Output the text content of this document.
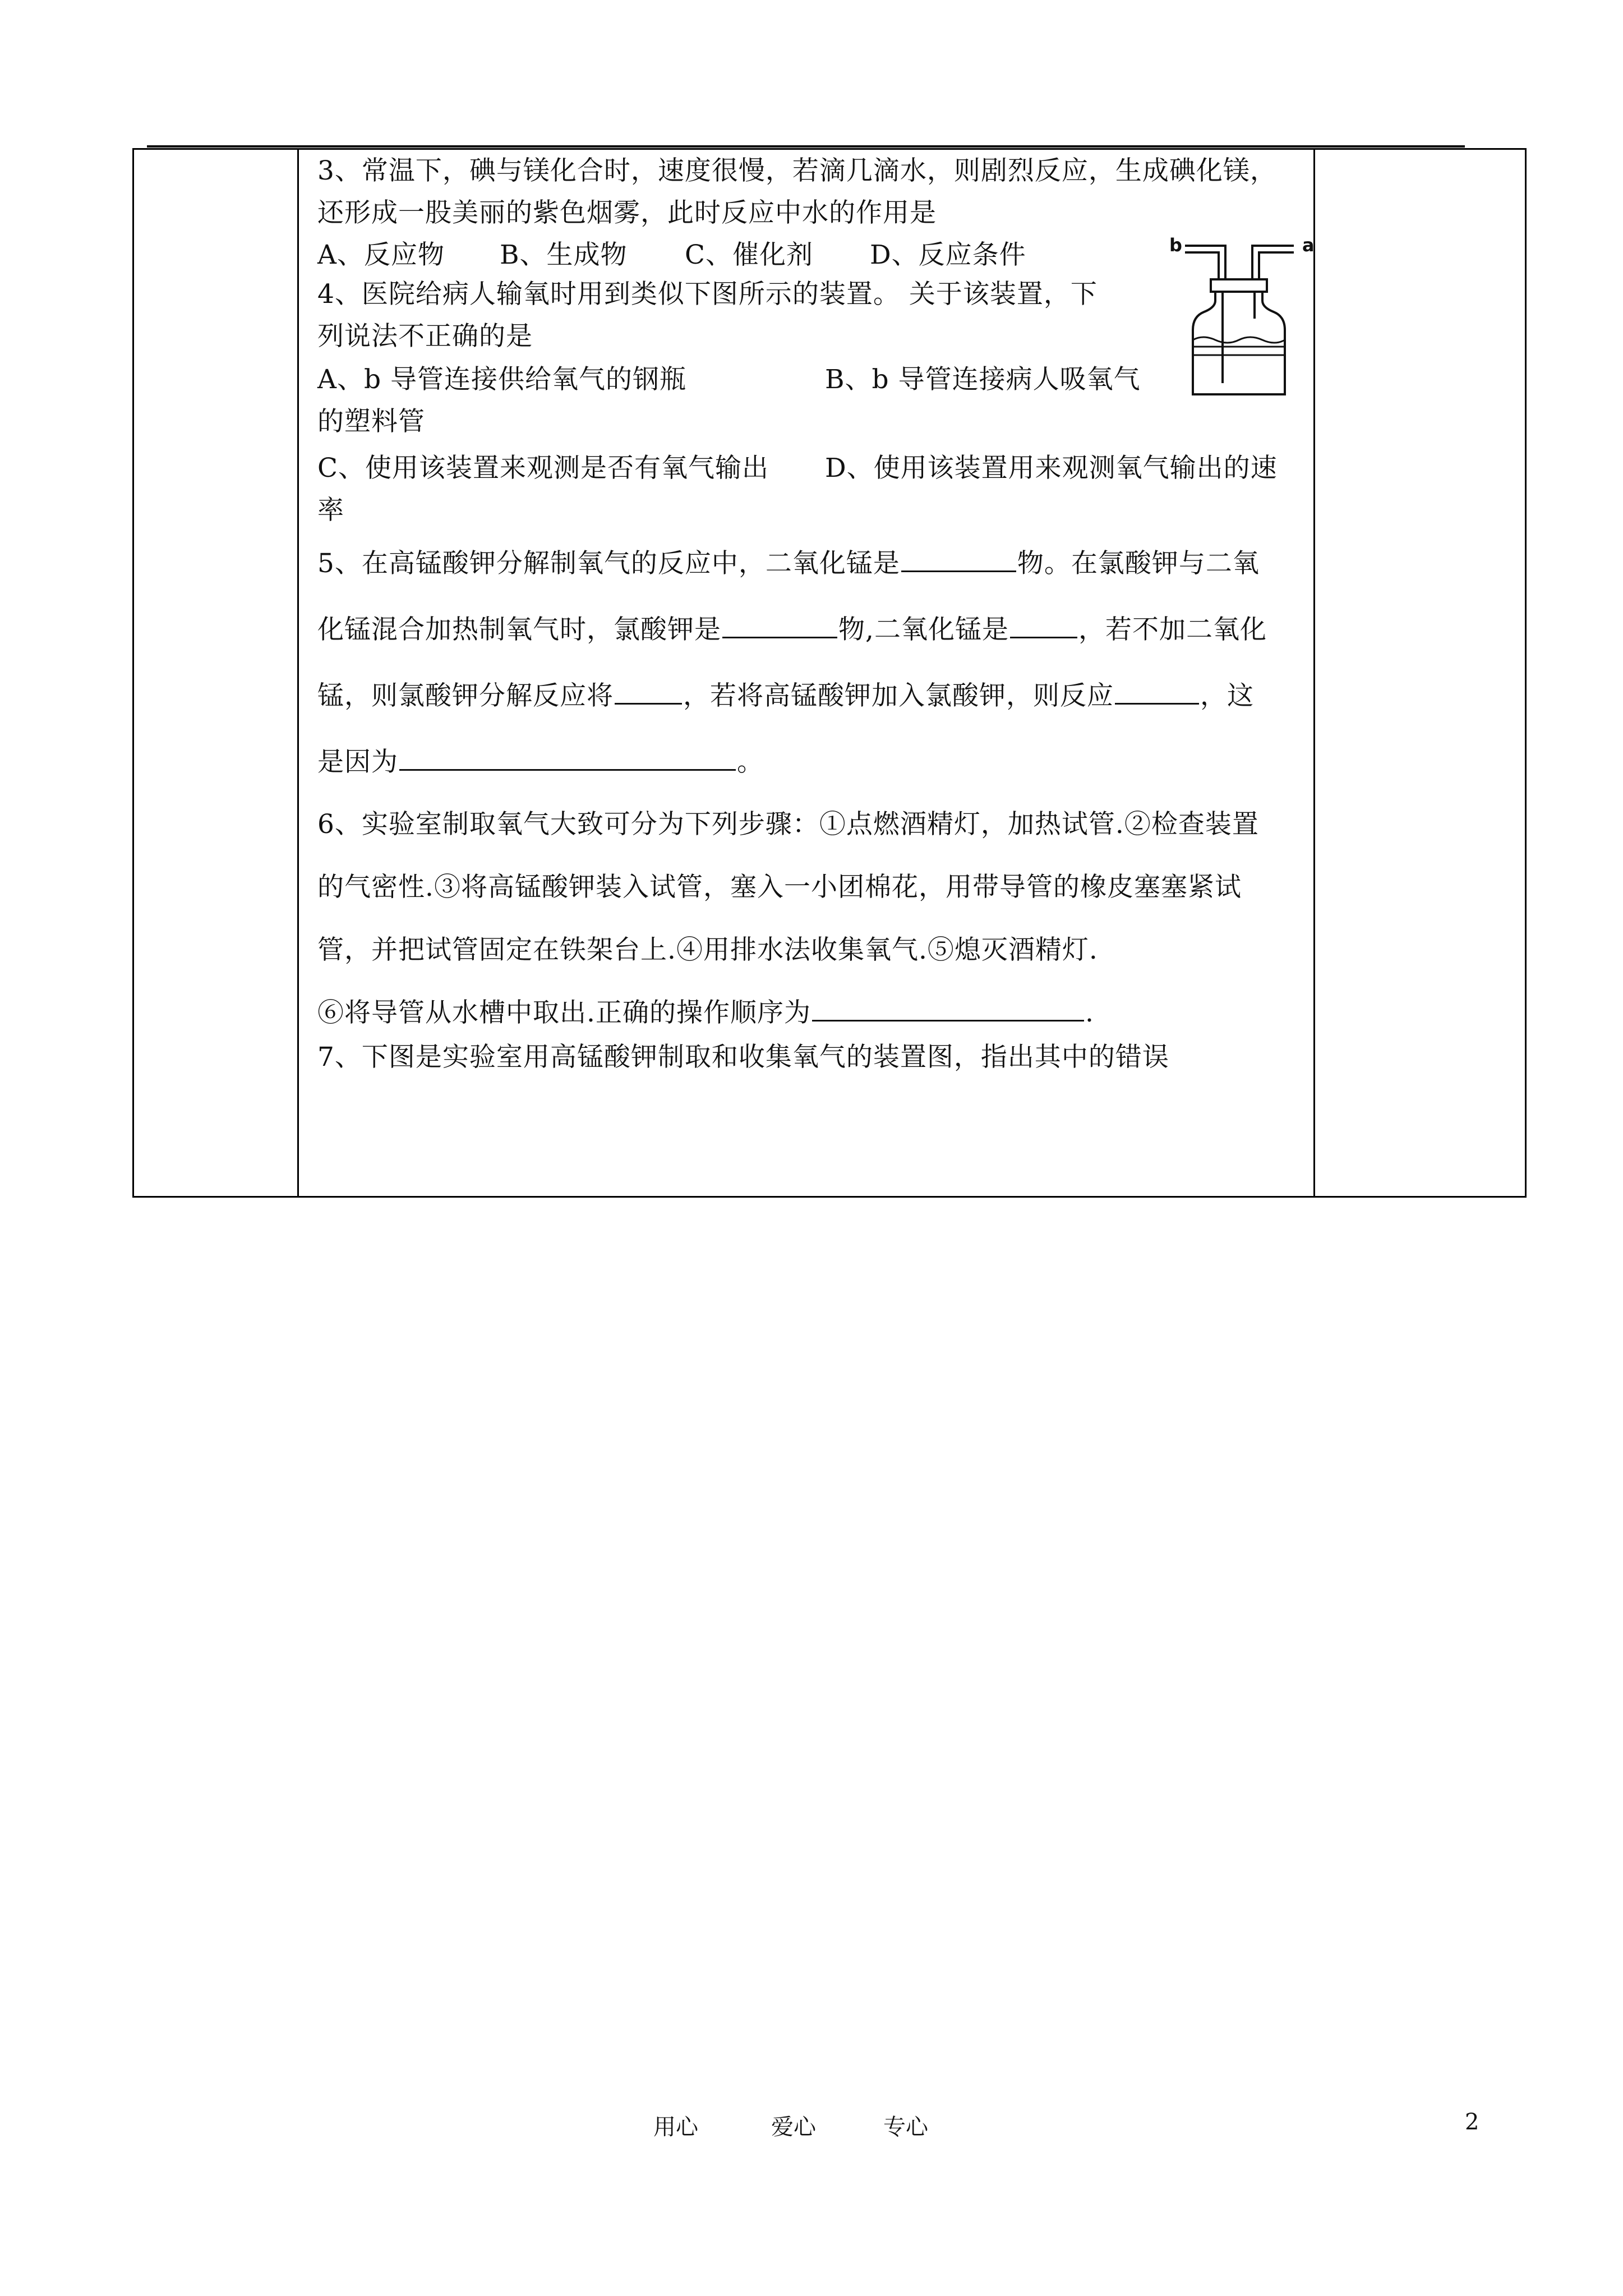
3、常温下，碘与镁化合时，速度很慢，若滴几滴水，则剧烈反应，生成碘化镁，
还形成一股美丽的紫色烟雾，此时反应中水的作用是
A、反应物 B、生成物 C、催化剂 D、反应条件
4、医院给病人输氧时用到类似下图所示的装置。 关于该装置，下
列说法不正确的是
A、b 导管连接供给氧气的钢瓶	B、b 导管连接病人吸氧气
的塑料管
C、使用该装置来观测是否有氧气输出 D、使用该装置用来观测氧气输出的速
率
5、在高锰酸钾分解制氧气的反应中，二氧化锰是	物。在氯酸钾与二氧
化锰混合加热制氧气时，氯酸钾是	物,二氧化锰是	，若不加二氧化
锰，则氯酸钾分解反应将	，若将高锰酸钾加入氯酸钾，则反应	，这
是因为	。
6、实验室制取氧气大致可分为下列步骤：①点燃酒精灯，加热试管.②检查装置
的气密性.③将高锰酸钾装入试管，塞入一小团棉花，用带导管的橡皮塞塞紧试
管，并把试管固定在铁架台上.④用排水法收集氧气.⑤熄灭酒精灯.
⑥将导管从水槽中取出.正确的操作顺序为	.
7、下图是实验室用高锰酸钾制取和收集氧气的装置图，指出其中的错误
b	a
用心	爱心	专心	2
